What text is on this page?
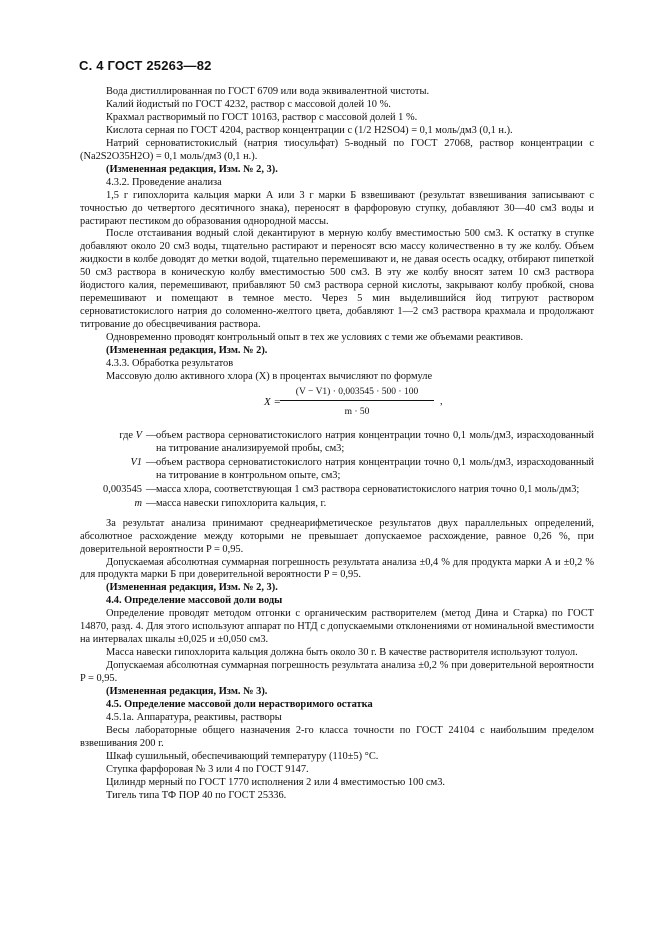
С. 4 ГОСТ 25263—82
Вода дистиллированная по ГОСТ 6709 или вода эквивалентной чистоты.
Калий йодистый по ГОСТ 4232, раствор с массовой долей 10 %.
Крахмал растворимый по ГОСТ 10163, раствор с массовой долей 1 %.
Кислота серная по ГОСТ 4204, раствор концентрации c (1/2 H2SO4) = 0,1 моль/дм3 (0,1 н.).
Натрий серноватистокислый (натрия тиосульфат) 5-водный по ГОСТ 27068, раствор концентрации c (Na2S2O35H2O) = 0,1 моль/дм3 (0,1 н.).
(Измененная редакция, Изм. № 2, 3).
4.3.2. Проведение анализа
1,5 г гипохлорита кальция марки А или 3 г марки Б взвешивают (результат взвешивания записывают с точностью до четвертого десятичного знака), переносят в фарфоровую ступку, добавляют 30—40 см3 воды и растирают пестиком до образования однородной массы.
После отстаивания водный слой декантируют в мерную колбу вместимостью 500 см3. К остатку в ступке добавляют около 20 см3 воды, тщательно растирают и переносят всю массу количественно в ту же колбу. Объем жидкости в колбе доводят до метки водой, тщательно перемешивают и, не давая осесть осадку, отбирают пипеткой 50 см3 раствора в коническую колбу вместимостью 500 см3. В эту же колбу вносят затем 10 см3 раствора йодистого калия, перемешивают, прибавляют 50 см3 раствора серной кислоты, закрывают колбу пробкой, снова перемешивают и помещают в темное место. Через 5 мин выделившийся йод титруют раствором серноватистокислого натрия до соломенно-желтого цвета, добавляют 1—2 см3 раствора крахмала и продолжают титрование до обесцвечивания раствора.
Одновременно проводят контрольный опыт в тех же условиях с теми же объемами реактивов.
(Измененная редакция, Изм. № 2).
4.3.3. Обработка результатов
Массовую долю активного хлора (X) в процентах вычисляют по формуле
X =
(V − V1) · 0,003545 · 500 · 100
m · 50
,
где V — объем раствора серноватистокислого натрия концентрации точно 0,1 моль/дм3, израсходованный на титрование анализируемой пробы, см3;
V1 — объем раствора серноватистокислого натрия концентрации точно 0,1 моль/дм3, израсходованный на титрование в контрольном опыте, см3;
0,003545 — масса хлора, соответствующая 1 см3 раствора серноватистокислого натрия точно 0,1 моль/дм3;
m — масса навески гипохлорита кальция, г.
За результат анализа принимают среднеарифметическое результатов двух параллельных определений, абсолютное расхождение между которыми не превышает допускаемое расхождение, равное 0,26 %, при доверительной вероятности P = 0,95.
Допускаемая абсолютная суммарная погрешность результата анализа ±0,4 % для продукта марки А и ±0,2 % для продукта марки Б при доверительной вероятности P = 0,95.
(Измененная редакция, Изм. № 2, 3).
4.4. Определение массовой доли воды
Определение проводят методом отгонки с органическим растворителем (метод Дина и Старка) по ГОСТ 14870, разд. 4. Для этого используют аппарат по НТД с допускаемыми отклонениями от номинальной вместимости на интервалах шкалы ±0,025 и ±0,050 см3.
Масса навески гипохлорита кальция должна быть около 30 г. В качестве растворителя используют толуол.
Допускаемая абсолютная суммарная погрешность результата анализа ±0,2 % при доверительной вероятности P = 0,95.
(Измененная редакция, Изм. № 3).
4.5. Определение массовой доли нерастворимого остатка
4.5.1а. Аппаратура, реактивы, растворы
Весы лабораторные общего назначения 2-го класса точности по ГОСТ 24104 с наибольшим пределом взвешивания 200 г.
Шкаф сушильный, обеспечивающий температуру (110±5) °С.
Ступка фарфоровая № 3 или 4 по ГОСТ 9147.
Цилиндр мерный по ГОСТ 1770 исполнения 2 или 4 вместимостью 100 см3.
Тигель типа ТФ ПОР 40 по ГОСТ 25336.
